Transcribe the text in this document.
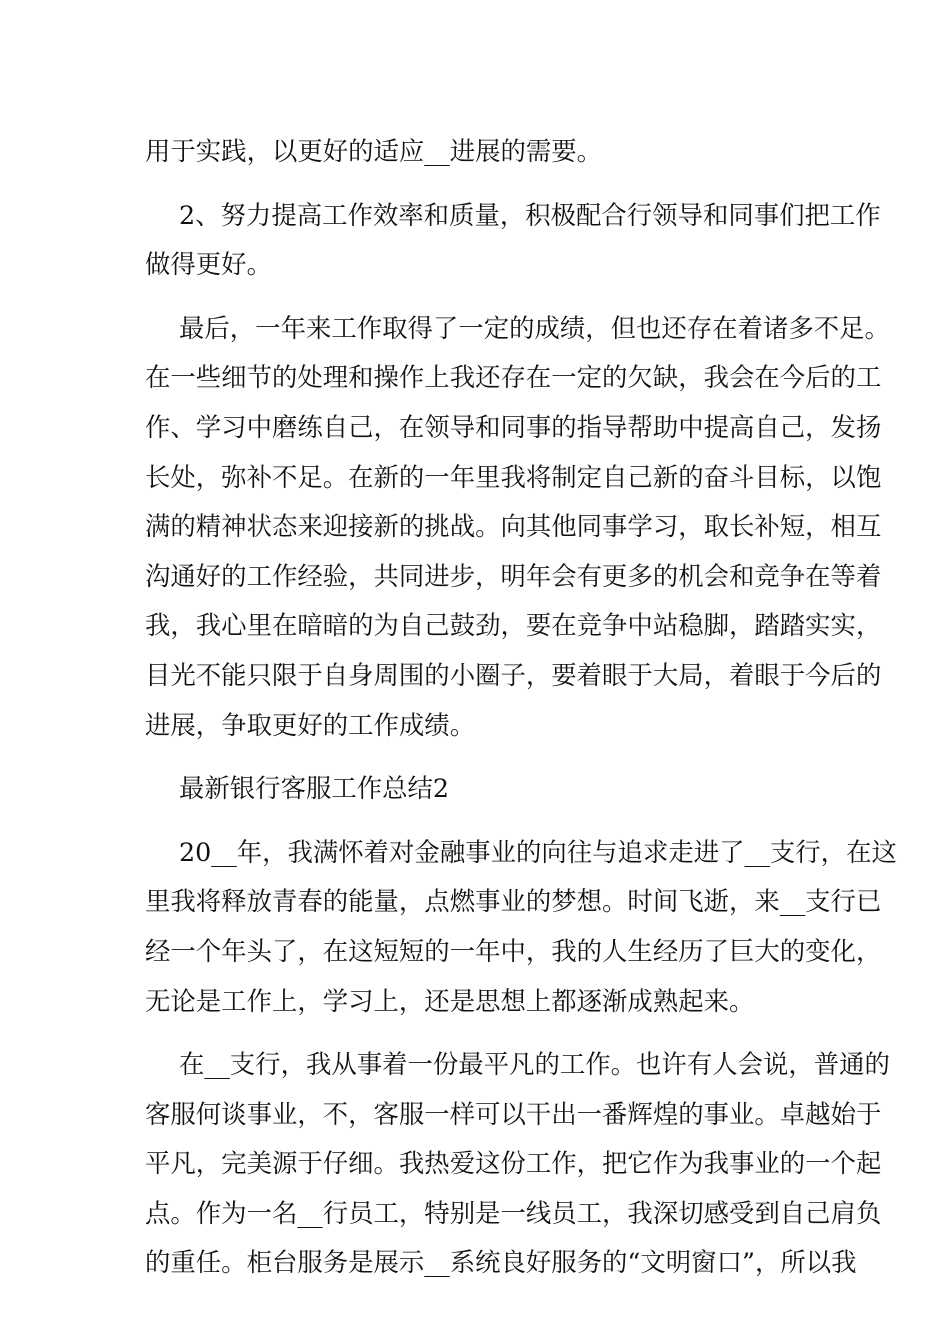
用于实践，以更好的适应__进展的需要。
2、努力提高工作效率和质量，积极配合行领导和同事们把工作
做得更好。
最后，一年来工作取得了一定的成绩，但也还存在着诸多不足。
在一些细节的处理和操作上我还存在一定的欠缺，我会在今后的工
作、学习中磨练自己，在领导和同事的指导帮助中提高自己，发扬
长处，弥补不足。在新的一年里我将制定自己新的奋斗目标，以饱
满的精神状态来迎接新的挑战。向其他同事学习，取长补短，相互
沟通好的工作经验，共同进步，明年会有更多的机会和竞争在等着
我，我心里在暗暗的为自己鼓劲，要在竞争中站稳脚，踏踏实实，
目光不能只限于自身周围的小圈子，要着眼于大局，着眼于今后的
进展，争取更好的工作成绩。
最新银行客服工作总结2
20__年，我满怀着对金融事业的向往与追求走进了__支行，在这
里我将释放青春的能量，点燃事业的梦想。时间飞逝，来__支行已
经一个年头了，在这短短的一年中，我的人生经历了巨大的变化，
无论是工作上，学习上，还是思想上都逐渐成熟起来。
在__支行，我从事着一份最平凡的工作。也许有人会说，普通的
客服何谈事业，不，客服一样可以干出一番辉煌的事业。卓越始于
平凡，完美源于仔细。我热爱这份工作，把它作为我事业的一个起
点。作为一名__行员工，特别是一线员工，我深切感受到自己肩负
的重任。柜台服务是展示__系统良好服务的“文明窗口”，所以我
